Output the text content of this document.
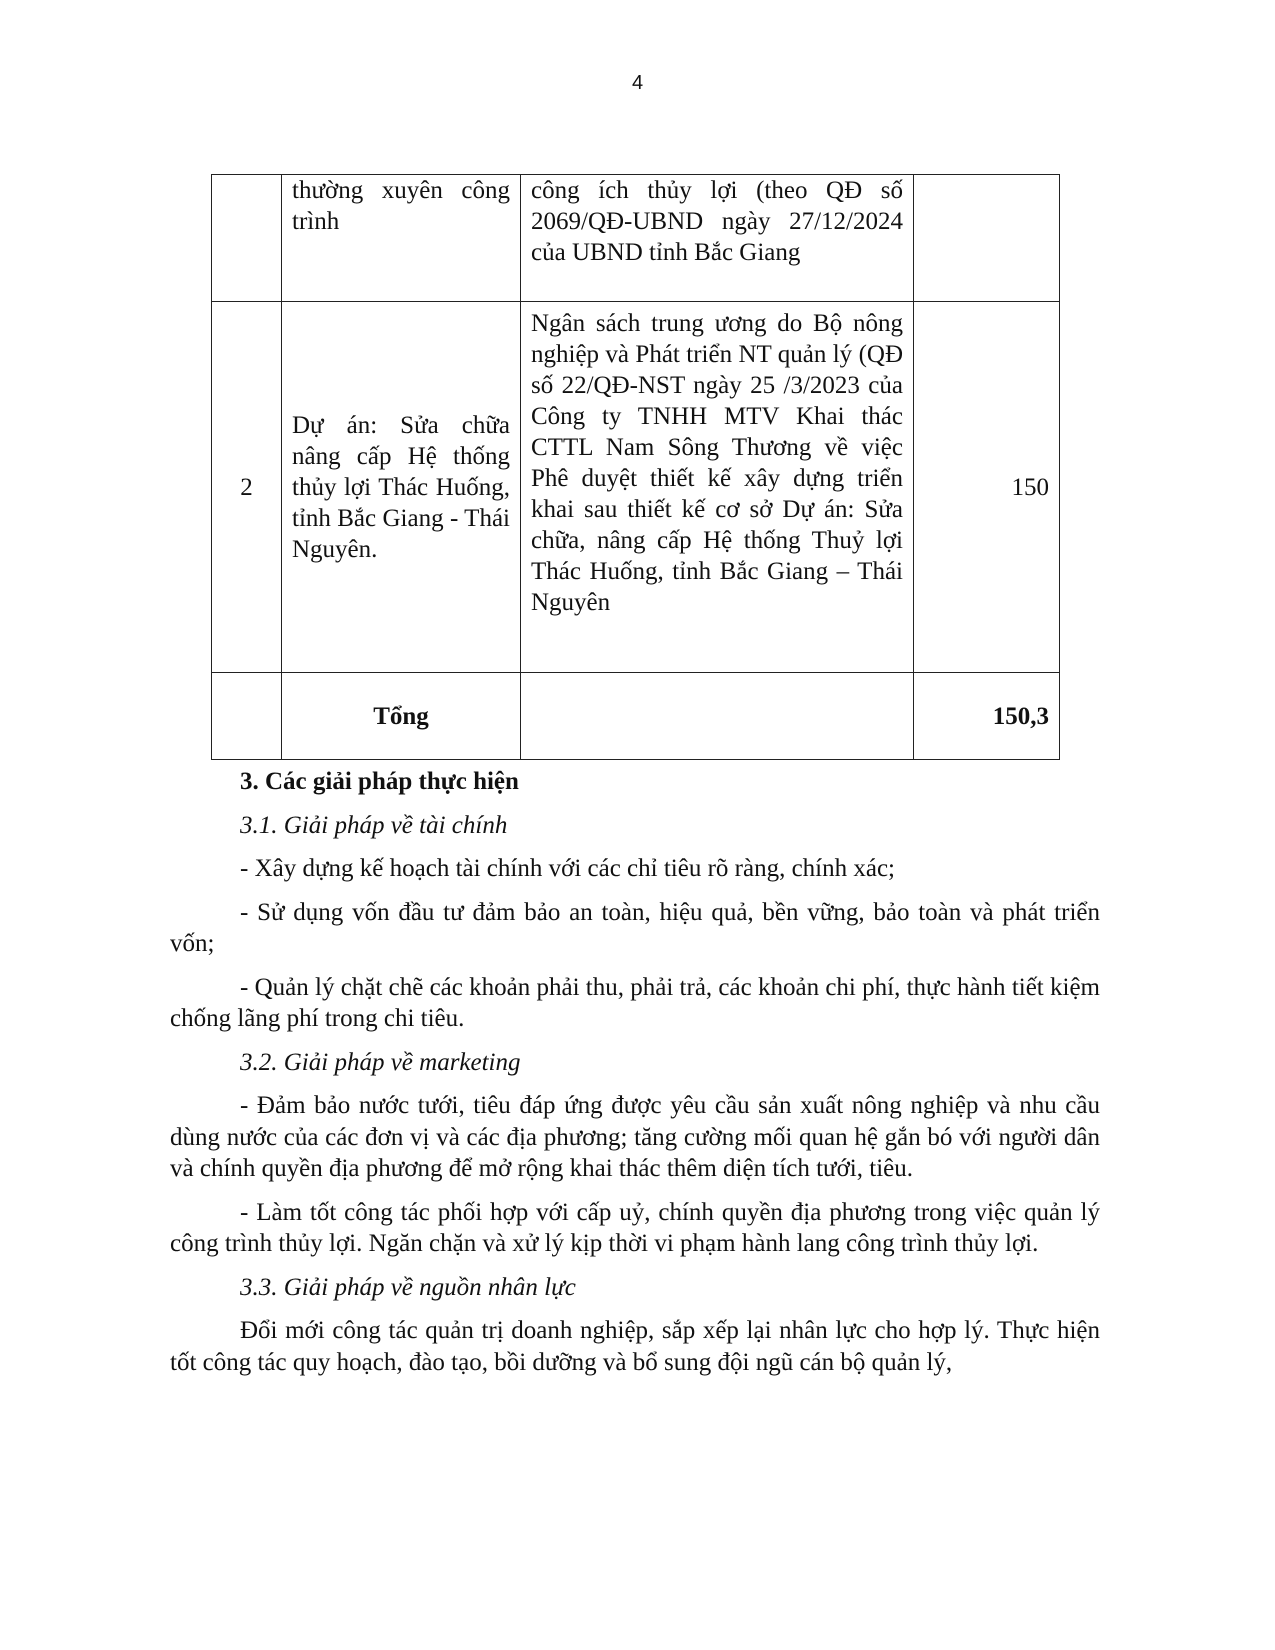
4
	thường xuyên công trình	công ích thủy lợi (theo QĐ số 2069/QĐ-UBND ngày 27/12/2024 của UBND tỉnh Bắc Giang	
2	Dự án: Sửa chữa nâng cấp Hệ thống thủy lợi Thác Huống, tỉnh Bắc Giang - Thái Nguyên.	Ngân sách trung ương do Bộ nông nghiệp và Phát triển NT quản lý (QĐ số 22/QĐ-NST ngày 25 /3/2023 của Công ty TNHH MTV Khai thác CTTL Nam Sông Thương về việc Phê duyệt thiết kế xây dựng triển khai sau thiết kế cơ sở Dự án: Sửa chữa, nâng cấp Hệ thống Thuỷ lợi Thác Huống, tỉnh Bắc Giang – Thái Nguyên	150
	Tổng		150,3

3. Các giải pháp thực hiện

3.1. Giải pháp về tài chính

- Xây dựng kế hoạch tài chính với các chỉ tiêu rõ ràng, chính xác;

- Sử dụng vốn đầu tư đảm bảo an toàn, hiệu quả, bền vững, bảo toàn và phát triển vốn;

- Quản lý chặt chẽ các khoản phải thu, phải trả, các khoản chi phí, thực hành tiết kiệm chống lãng phí trong chi tiêu.

3.2. Giải pháp về marketing

- Đảm bảo nước tưới, tiêu đáp ứng được yêu cầu sản xuất nông nghiệp và nhu cầu dùng nước của các đơn vị và các địa phương; tăng cường mối quan hệ gắn bó với người dân và chính quyền địa phương để mở rộng khai thác thêm diện tích tưới, tiêu.

- Làm tốt công tác phối hợp với cấp uỷ, chính quyền địa phương trong việc quản lý công trình thủy lợi. Ngăn chặn và xử lý kịp thời vi phạm hành lang công trình thủy lợi.

3.3. Giải pháp về nguồn nhân lực

Đổi mới công tác quản trị doanh nghiệp, sắp xếp lại nhân lực cho hợp lý. Thực hiện tốt công tác quy hoạch, đào tạo, bồi dưỡng và bổ sung đội ngũ cán bộ quản lý,
